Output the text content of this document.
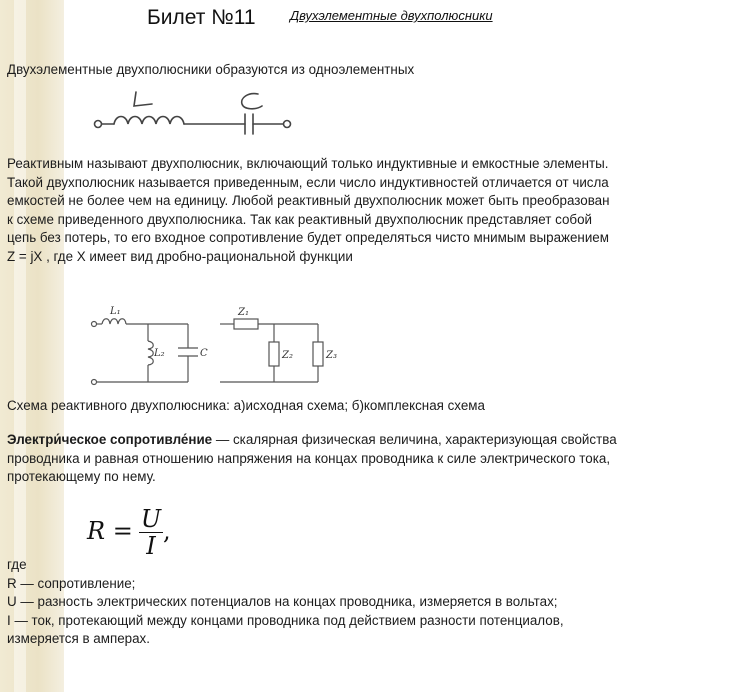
Билет №11	Двухэлементные двухполюсники
Двухэлементные двухполюсники образуются из одноэлементных
Реактивным называют двухполюсник, включающий только индуктивные и емкостные элементы.
Такой двухполюсник называется приведенным, если число индуктивностей отличается от числа
емкостей не более чем на единицу. Любой реактивный двухполюсник может быть преобразован
к схеме приведенного двухполюсника. Так как реактивный двухполюсник представляет собой
цепь без потерь, то его входное сопротивление будет определяться чисто мнимым выражением
Z = jX , где X имеет вид дробно-рациональной функции
L₁
L₂	C
Z₁
Z₂	Z₃
Схема реактивного двухполюсника: а)исходная схема; б)комплексная схема
Электри́ческое сопротивле́ние — скалярная физическая величина, характеризующая свойства
проводника и равная отношению напряжения на концах проводника к силе электрического тока,
протекающему по нему.
$R = \frac{U}{I}$ ,
где
R — сопротивление;
U — разность электрических потенциалов на концах проводника, измеряется в вольтах;
I — ток, протекающий между концами проводника под действием разности потенциалов,
измеряется в амперах.
